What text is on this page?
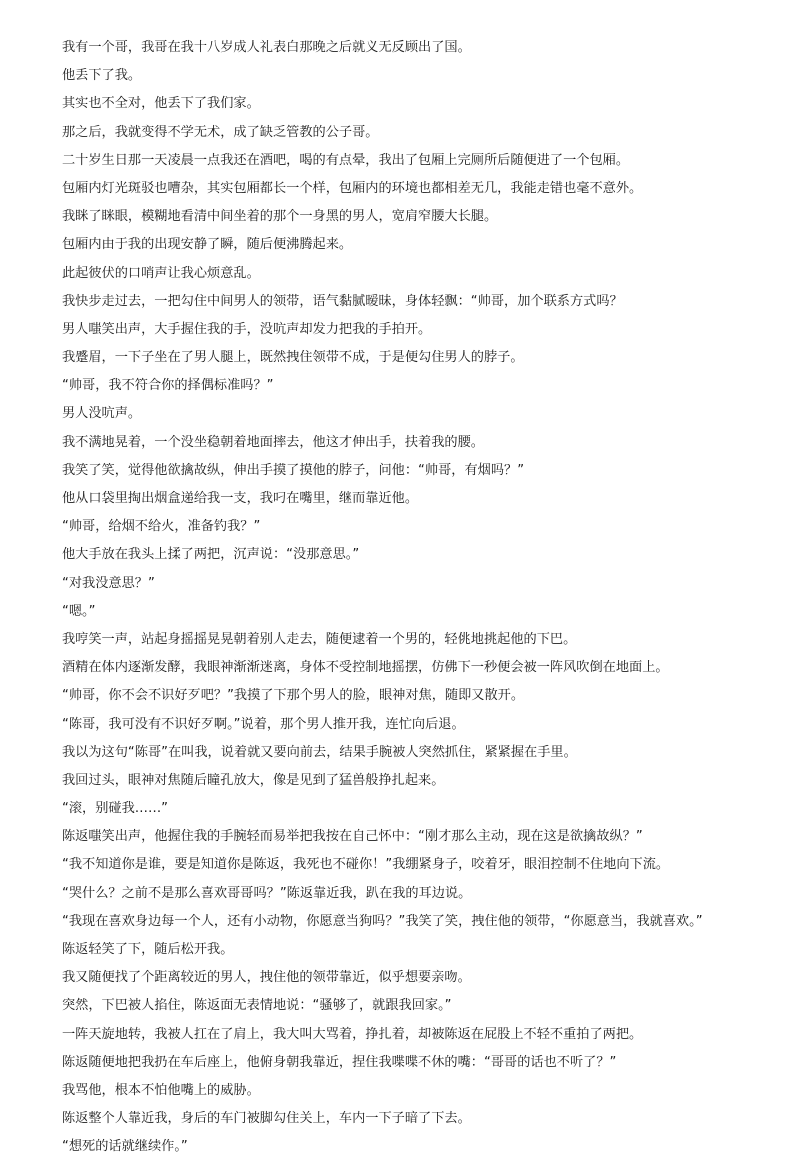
我有一个哥，我哥在我十八岁成人礼表白那晚之后就义无反顾出了国。

他丢下了我。

其实也不全对，他丢下了我们家。

那之后，我就变得不学无术，成了缺乏管教的公子哥。

二十岁生日那一天凌晨一点我还在酒吧，喝的有点晕，我出了包厢上完厕所后随便进了一个包厢。

包厢内灯光斑驳也嘈杂，其实包厢都长一个样，包厢内的环境也都相差无几，我能走错也毫不意外。

我眯了眯眼，模糊地看清中间坐着的那个一身黑的男人，宽肩窄腰大长腿。

包厢内由于我的出现安静了瞬，随后便沸腾起来。

此起彼伏的口哨声让我心烦意乱。

我快步走过去，一把勾住中间男人的领带，语气黏腻暧昧，身体轻飘：“帅哥，加个联系方式吗？

男人嗤笑出声，大手握住我的手，没吭声却发力把我的手拍开。

我蹙眉，一下子坐在了男人腿上，既然拽住领带不成，于是便勾住男人的脖子。

“帅哥，我不符合你的择偶标准吗？”

男人没吭声。

我不满地晃着，一个没坐稳朝着地面摔去，他这才伸出手，扶着我的腰。

我笑了笑，觉得他欲擒故纵，伸出手摸了摸他的脖子，问他：“帅哥，有烟吗？”

他从口袋里掏出烟盒递给我一支，我叼在嘴里，继而靠近他。

“帅哥，给烟不给火，准备钓我？”

他大手放在我头上揉了两把，沉声说：“没那意思。”

“对我没意思？”

“嗯。”

我哼笑一声，站起身摇摇晃晃朝着别人走去，随便逮着一个男的，轻佻地挑起他的下巴。

酒精在体内逐渐发酵，我眼神渐渐迷离，身体不受控制地摇摆，仿佛下一秒便会被一阵风吹倒在地面上。

“帅哥，你不会不识好歹吧？”我摸了下那个男人的脸，眼神对焦，随即又散开。

“陈哥，我可没有不识好歹啊。”说着，那个男人推开我，连忙向后退。

我以为这句“陈哥”在叫我，说着就又要向前去，结果手腕被人突然抓住，紧紧握在手里。

我回过头，眼神对焦随后瞳孔放大，像是见到了猛兽般挣扎起来。

“滚，别碰我……”

陈返嗤笑出声，他握住我的手腕轻而易举把我按在自己怀中：“刚才那么主动，现在这是欲擒故纵？”

“我不知道你是谁，要是知道你是陈返，我死也不碰你！”我绷紧身子，咬着牙，眼泪控制不住地向下流。

“哭什么？之前不是那么喜欢哥哥吗？”陈返靠近我，趴在我的耳边说。

“我现在喜欢身边每一个人，还有小动物，你愿意当狗吗？”我笑了笑，拽住他的领带，“你愿意当，我就喜欢。”

陈返轻笑了下，随后松开我。

我又随便找了个距离较近的男人，拽住他的领带靠近，似乎想要亲吻。

突然，下巴被人掐住，陈返面无表情地说：“骚够了，就跟我回家。”

一阵天旋地转，我被人扛在了肩上，我大叫大骂着，挣扎着，却被陈返在屁股上不轻不重拍了两把。

陈返随便地把我扔在车后座上，他俯身朝我靠近，捏住我喋喋不休的嘴：“哥哥的话也不听了？”

我骂他，根本不怕他嘴上的威胁。

陈返整个人靠近我，身后的车门被脚勾住关上，车内一下子暗了下去。

“想死的话就继续作。”
